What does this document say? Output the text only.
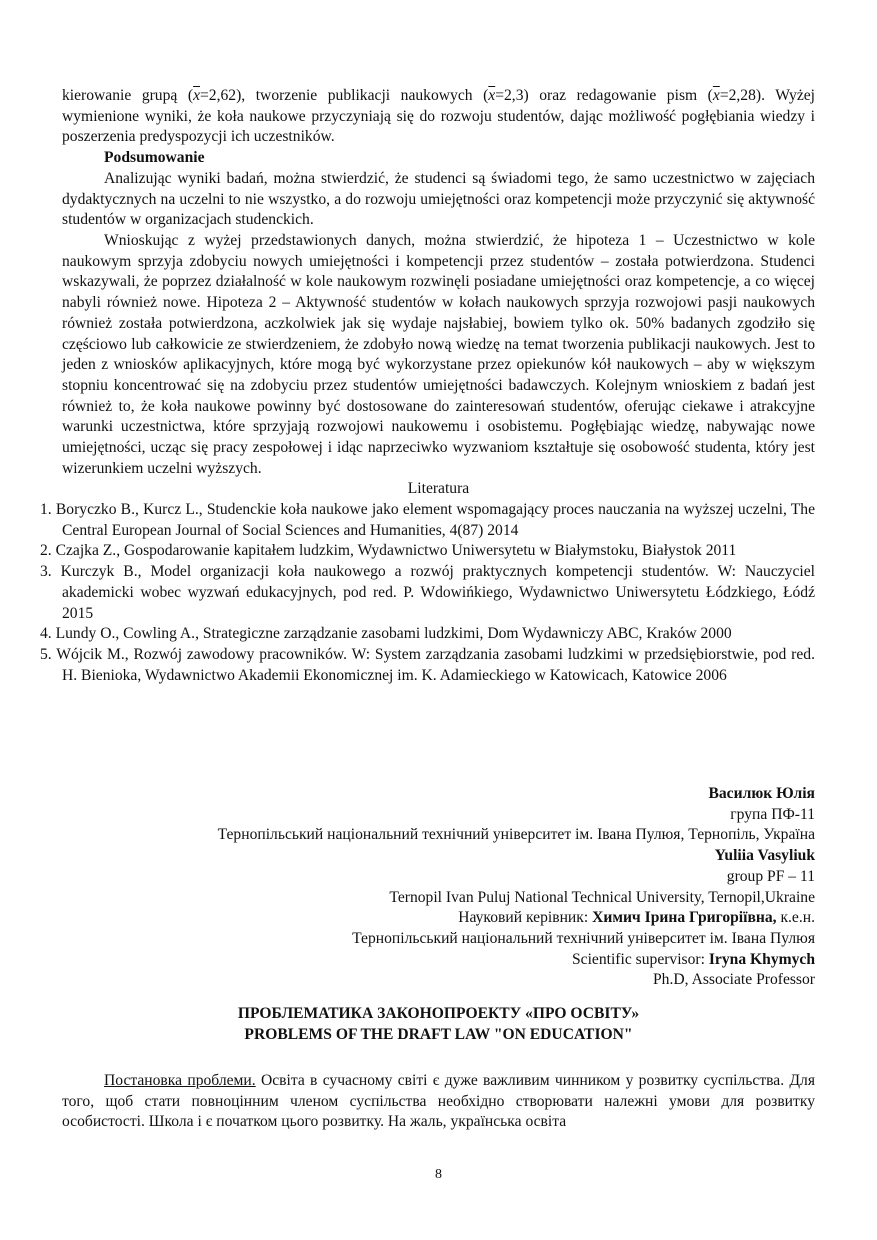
kierowanie grupą $(\overline{x}=2,62)$, tworzenie publikacji naukowych $(\overline{x}=2,3)$ oraz redagowanie pism $(\overline{x}=2,28)$. Wyżej wymienione wyniki, że koła naukowe przyczyniają się do rozwoju studentów, dając możliwość pogłębiania wiedzy i poszerzenia predyspozycji ich uczestników.

Podsumowanie

Analizując wyniki badań, można stwierdzić, że studenci są świadomi tego, że samo uczestnictwo w zajęciach dydaktycznych na uczelni to nie wszystko, a do rozwoju umiejętności oraz kompetencji może przyczynić się aktywność studentów w organizacjach studenckich.

Wnioskując z wyżej przedstawionych danych, można stwierdzić, że hipoteza 1 – Uczestnictwo w kole naukowym sprzyja zdobyciu nowych umiejętności i kompetencji przez studentów – została potwierdzona. Studenci wskazywali, że poprzez działalność w kole naukowym rozwinęli posiadane umiejętności oraz kompetencje, a co więcej nabyli również nowe. Hipoteza 2 – Aktywność studentów w kołach naukowych sprzyja rozwojowi pasji naukowych również została potwierdzona, aczkolwiek jak się wydaje najsłabiej, bowiem tylko ok. 50% badanych zgodziło się częściowo lub całkowicie ze stwierdzeniem, że zdobyło nową wiedzę na temat tworzenia publikacji naukowych. Jest to jeden z wniosków aplikacyjnych, które mogą być wykorzystane przez opiekunów kół naukowych – aby w większym stopniu koncentrować się na zdobyciu przez studentów umiejętności badawczych. Kolejnym wnioskiem z badań jest również to, że koła naukowe powinny być dostosowane do zainteresowań studentów, oferując ciekawe i atrakcyjne warunki uczestnictwa, które sprzyjają rozwojowi naukowemu i osobistemu. Pogłębiając wiedzę, nabywając nowe umiejętności, ucząc się pracy zespołowej i idąc naprzeciwko wyzwaniom kształtuje się osobowość studenta, który jest wizerunkiem uczelni wyższych.

Literatura

1. Boryczko B., Kurcz L., Studenckie koła naukowe jako element wspomagający proces nauczania na wyższej uczelni, The Central European Journal of Social Sciences and Humanities, 4(87) 2014

2. Czajka Z., Gospodarowanie kapitałem ludzkim, Wydawnictwo Uniwersytetu w Białymstoku, Białystok 2011

3. Kurczyk B., Model organizacji koła naukowego a rozwój praktycznych kompetencji studentów. W: Nauczyciel akademicki wobec wyzwań edukacyjnych, pod red. P. Wdowińkiego, Wydawnictwo Uniwersytetu Łódzkiego, Łódź 2015

4. Lundy O., Cowling A., Strategiczne zarządzanie zasobami ludzkimi, Dom Wydawniczy ABC, Kraków 2000

5. Wójcik M., Rozwój zawodowy pracowników. W: System zarządzania zasobami ludzkimi w przedsiębiorstwie, pod red. H. Bienioka, Wydawnictwo Akademii Ekonomicznej im. K. Adamieckiego w Katowicach, Katowice 2006

Василюк Юлія

група ПФ-11

Тернопільський національний технічний університет ім. Івана Пулюя, Тернопіль, Україна

Yuliia Vasyliuk

group PF – 11

Ternopil Ivan Puluj National Technical University, Ternopil,Ukraine

Науковий керівник: Химич Ірина Григоріївна, к.е.н.

Тернопільський національний технічний університет ім. Івана Пулюя

Scientific supervisor: Iryna Khymych

Ph.D, Associate Professor

ПРОБЛЕМАТИКА ЗАКОНОПРОЕКТУ «ПРО ОСВІТУ»

PROBLEMS OF THE DRAFT LAW "ON EDUCATION"

Постановка проблеми. Освіта в сучасному світі є дуже важливим чинником у розвитку суспільства. Для того, щоб стати повноцінним членом суспільства необхідно створювати належні умови для розвитку особистості. Школа і є початком цього розвитку. На жаль, українська освіта

8
